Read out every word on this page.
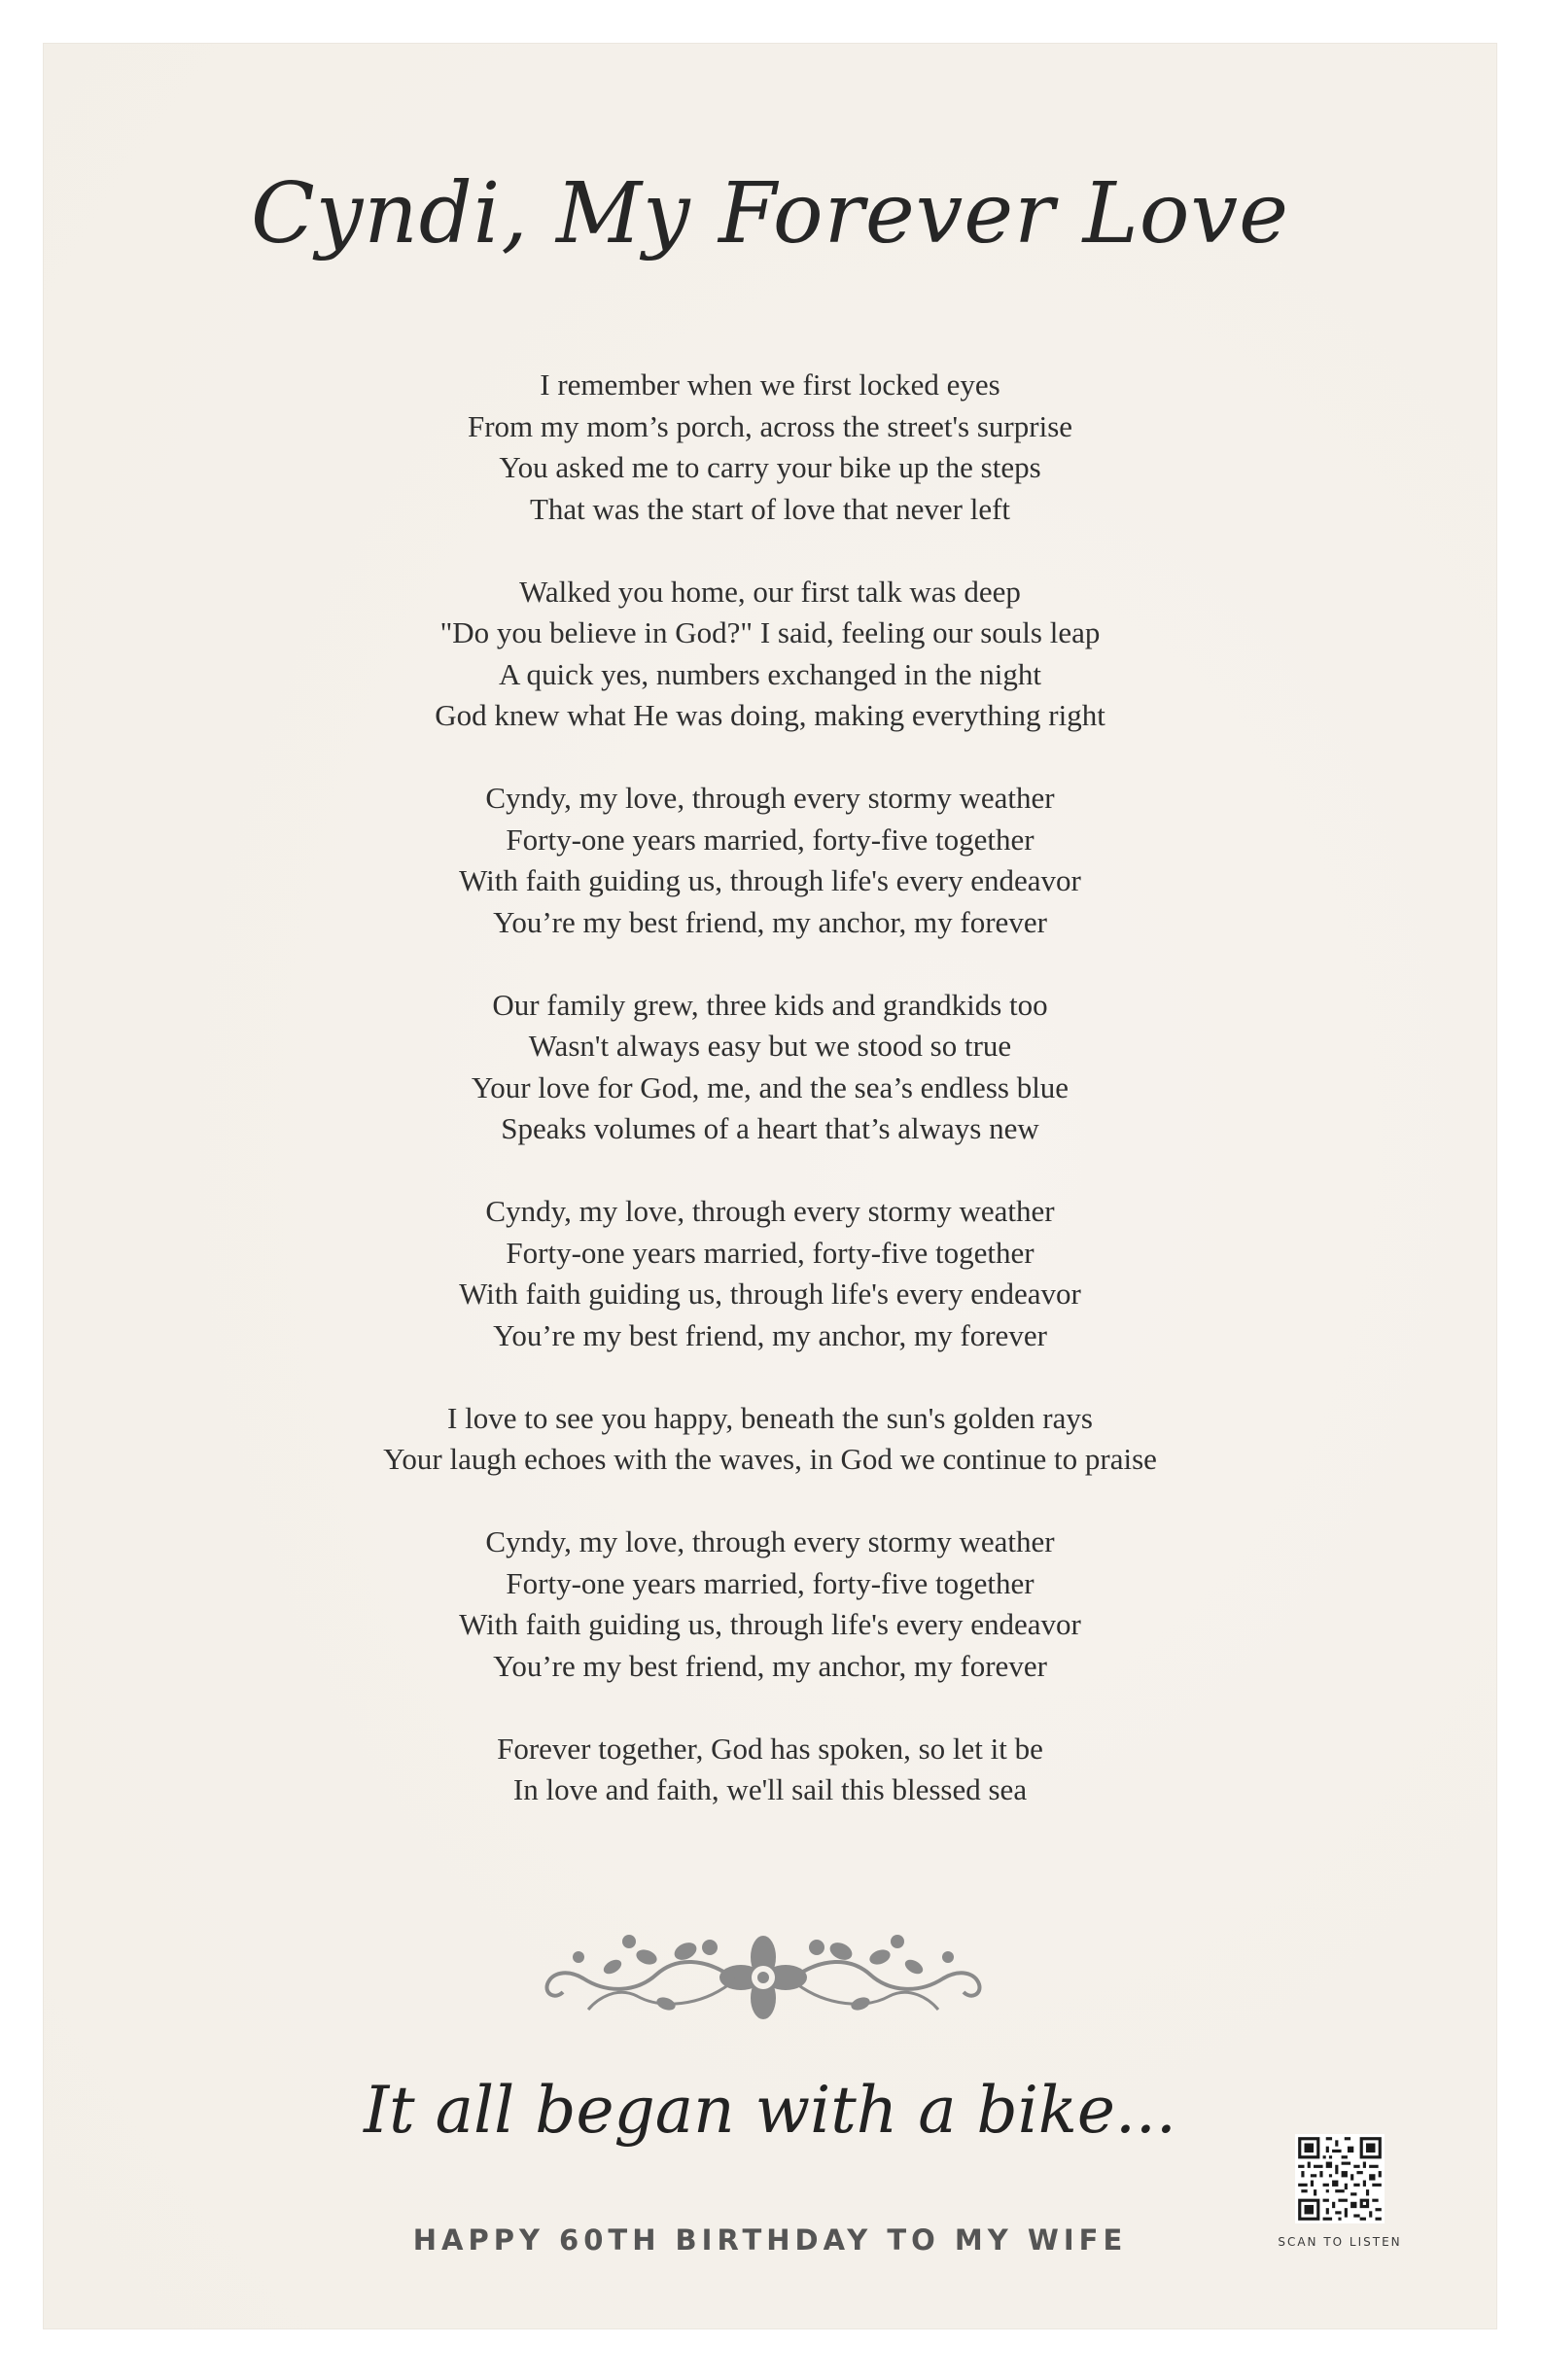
Cyndi, My Forever Love
I remember when we first locked eyes
From my mom’s porch, across the street's surprise
You asked me to carry your bike up the steps
That was the start of love that never left
Walked you home, our first talk was deep
"Do you believe in God?" I said, feeling our souls leap
A quick yes, numbers exchanged in the night
God knew what He was doing, making everything right
Cyndy, my love, through every stormy weather
Forty-one years married, forty-five together
With faith guiding us, through life's every endeavor
You’re my best friend, my anchor, my forever
Our family grew, three kids and grandkids too
Wasn't always easy but we stood so true
Your love for God, me, and the sea’s endless blue
Speaks volumes of a heart that’s always new
Cyndy, my love, through every stormy weather
Forty-one years married, forty-five together
With faith guiding us, through life's every endeavor
You’re my best friend, my anchor, my forever
I love to see you happy, beneath the sun's golden rays
Your laugh echoes with the waves, in God we continue to praise
Cyndy, my love, through every stormy weather
Forty-one years married, forty-five together
With faith guiding us, through life's every endeavor
You’re my best friend, my anchor, my forever
Forever together, God has spoken, so let it be
In love and faith, we'll sail this blessed sea
It all began with a bike...
HAPPY 60TH BIRTHDAY TO MY WIFE	SCAN TO LISTEN
